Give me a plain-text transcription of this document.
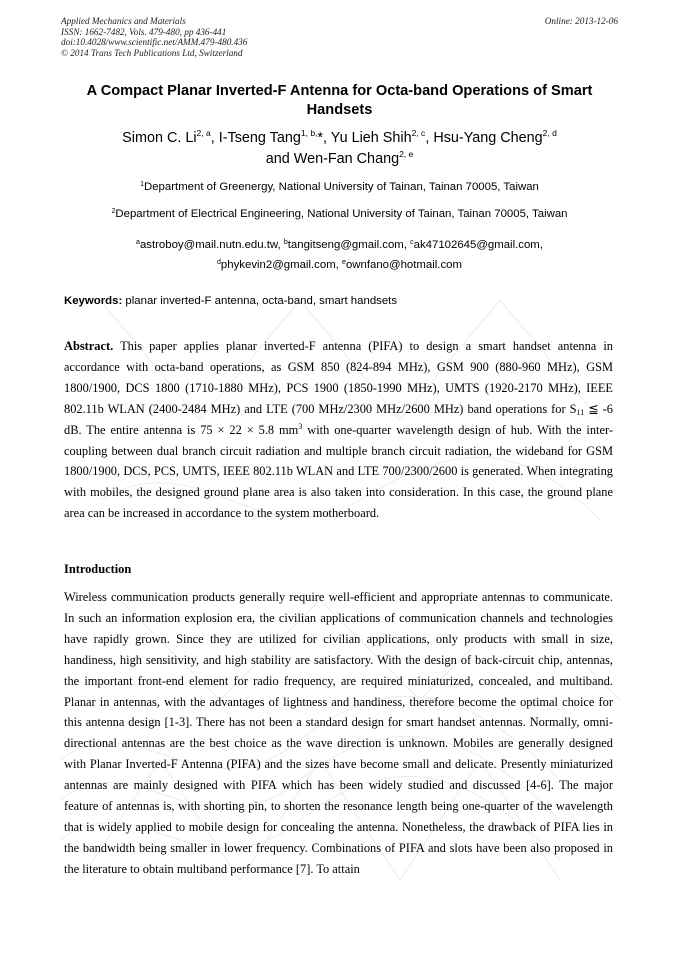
Applied Mechanics and Materials
ISSN: 1662-7482, Vols. 479-480, pp 436-441
doi:10.4028/www.scientific.net/AMM.479-480.436
© 2014 Trans Tech Publications Ltd, Switzerland
Online: 2013-12-06
A Compact Planar Inverted-F Antenna for Octa-band Operations of Smart Handsets
Simon C. Li$^{2, a}$, I-Tseng Tang$^{1, b,}$*, Yu Lieh Shih$^{2, c}$, Hsu-Yang Cheng$^{2, d}$
and Wen-Fan Chang$^{2, e}$
$^1$Department of Greenergy, National University of Tainan, Tainan 70005, Taiwan
$^2$Department of Electrical Engineering, National University of Tainan, Tainan 70005, Taiwan
$^a$astroboy@mail.nutn.edu.tw, $^b$tangitseng@gmail.com, $^c$ak47102645@gmail.com,
$^d$phykevin2@gmail.com, $^e$ownfano@hotmail.com
Keywords: planar inverted-F antenna, octa-band, smart handsets
Abstract. This paper applies planar inverted-F antenna (PIFA) to design a smart handset antenna in accordance with octa-band operations, as GSM 850 (824-894 MHz), GSM 900 (880-960 MHz), GSM 1800/1900, DCS 1800 (1710-1880 MHz), PCS 1900 (1850-1990 MHz), UMTS (1920-2170 MHz), IEEE 802.11b WLAN (2400-2484 MHz) and LTE (700 MHz/2300 MHz/2600 MHz) band operations for $S_{11}$ ≦ -6 dB. The entire antenna is 75 × 22 × 5.8 $mm^3$ with one-quarter wavelength design of hub. With the inter-coupling between dual branch circuit radiation and multiple branch circuit radiation, the wideband for GSM 1800/1900, DCS, PCS, UMTS, IEEE 802.11b WLAN and LTE 700/2300/2600 is generated. When integrating with mobiles, the designed ground plane area is also taken into consideration. In this case, the ground plane area can be increased in accordance to the system motherboard.
Introduction
Wireless communication products generally require well-efficient and appropriate antennas to communicate. In such an information explosion era, the civilian applications of communication channels and technologies have rapidly grown. Since they are utilized for civilian applications, only products with small in size, handiness, high sensitivity, and high stability are satisfactory. With the design of back-circuit chip, antennas, the important front-end element for radio frequency, are required miniaturized, concealed, and multiband. Planar in antennas, with the advantages of lightness and handiness, therefore become the optimal choice for this antenna design [1-3]. There has not been a standard design for smart handset antennas. Normally, omni-directional antennas are the best choice as the wave direction is unknown. Mobiles are generally designed with Planar Inverted-F Antenna (PIFA) and the sizes have become small and delicate. Presently miniaturized antennas are mainly designed with PIFA which has been widely studied and discussed [4-6]. The major feature of antennas is, with shorting pin, to shorten the resonance length being one-quarter of the wavelength that is widely applied to mobile design for concealing the antenna. Nonetheless, the drawback of PIFA lies in the bandwidth being smaller in lower frequency. Combinations of PIFA and slots have been also proposed in the literature to obtain multiband performance [7]. To attain
